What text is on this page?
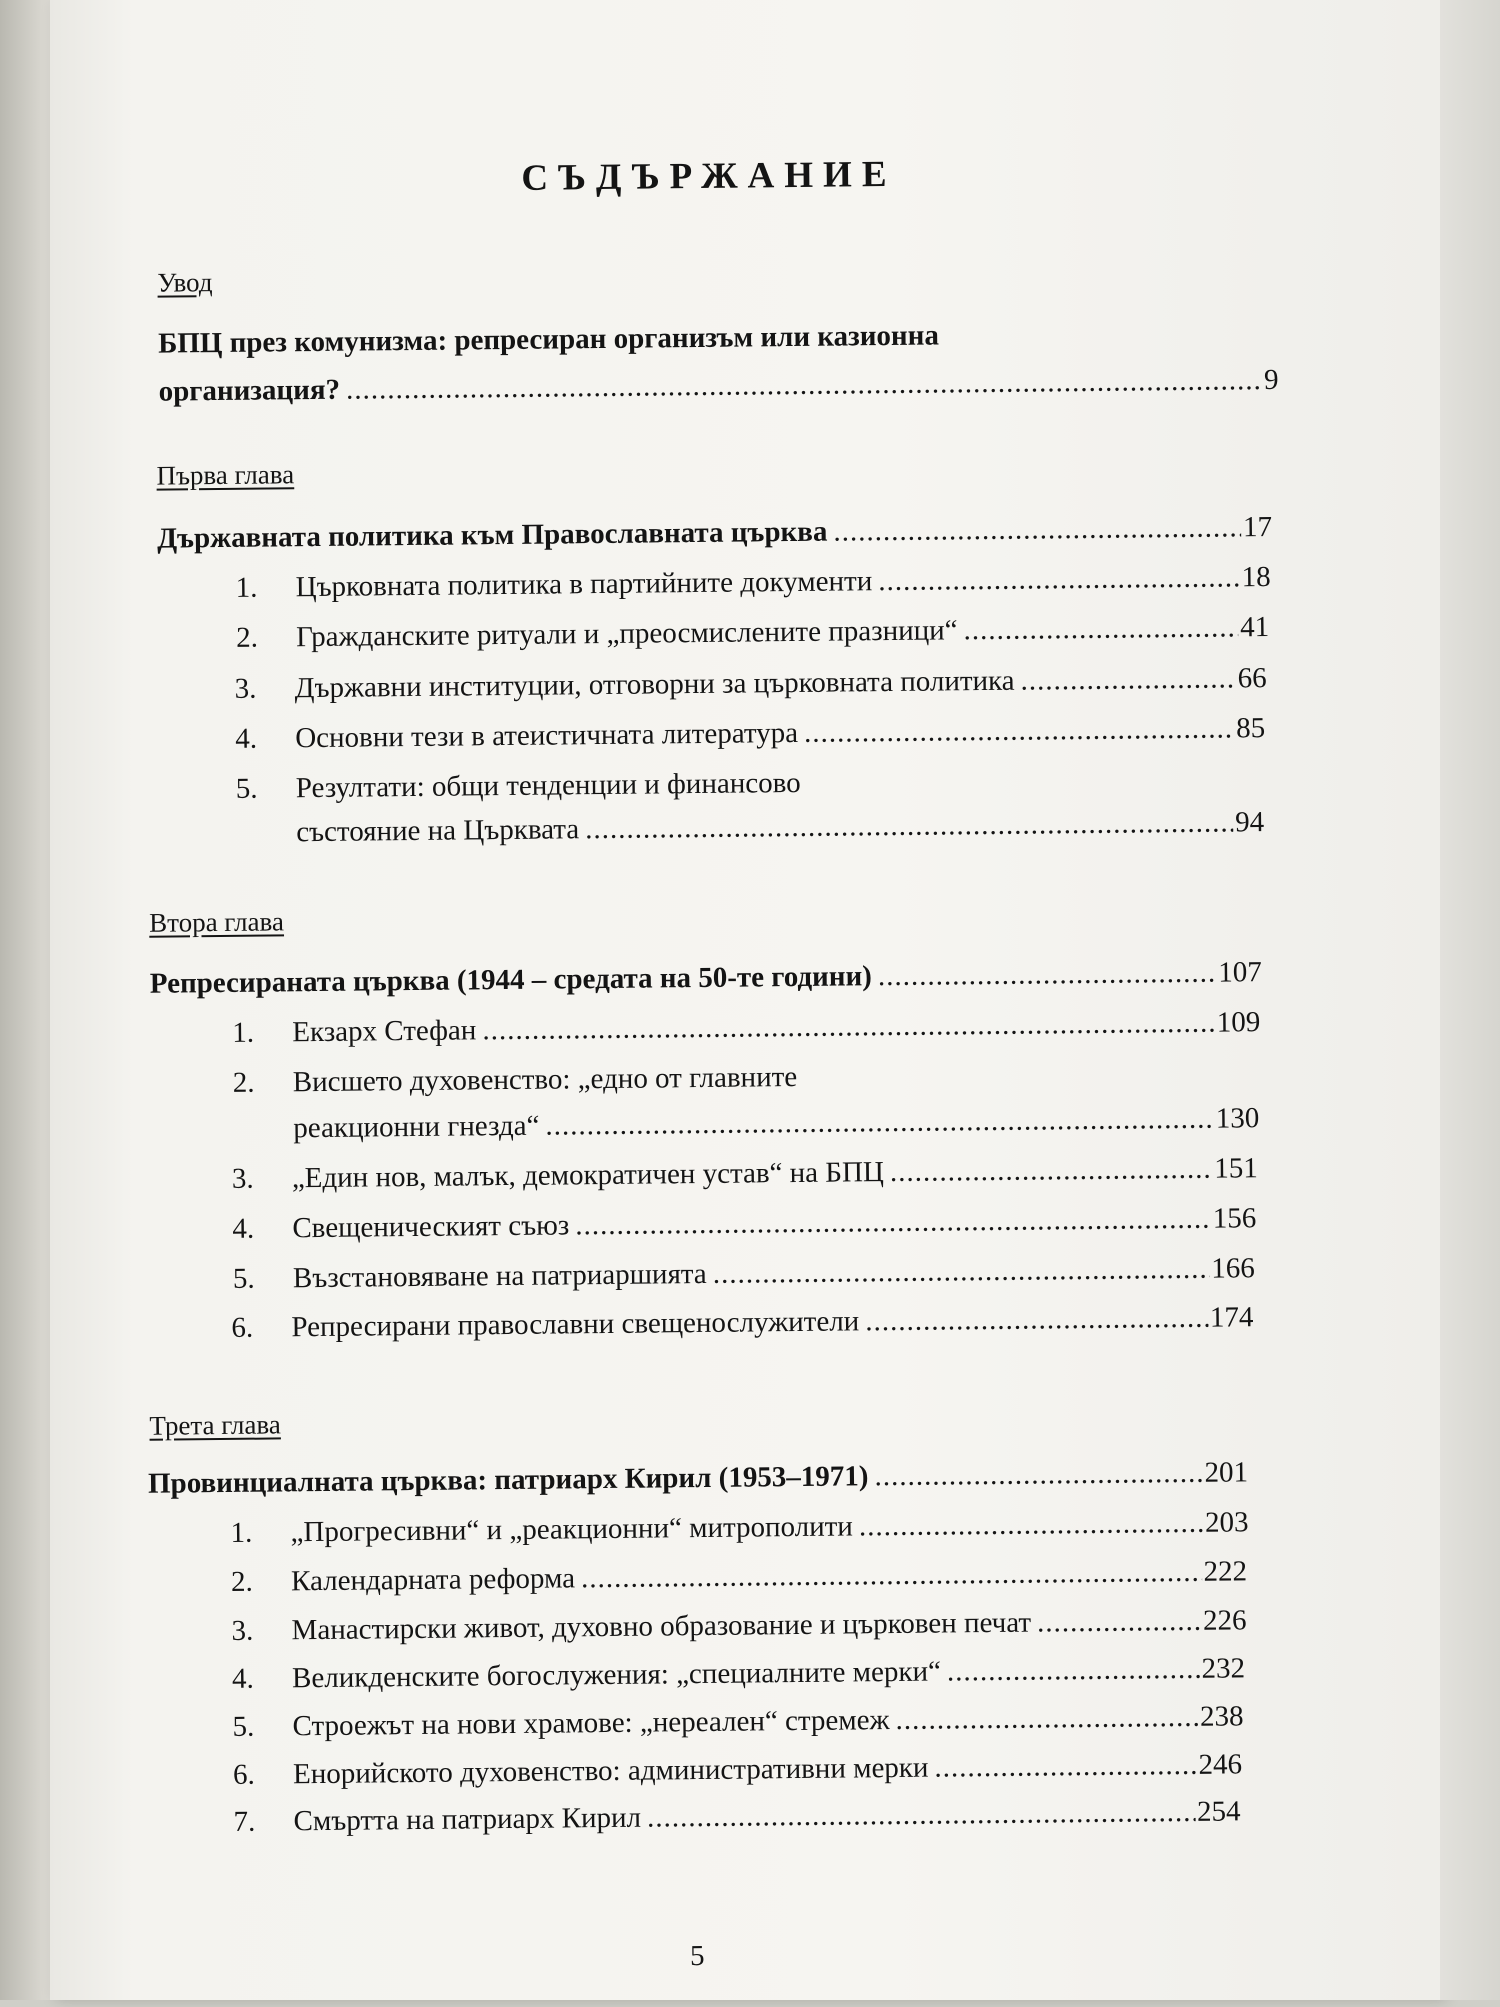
СЪДЪРЖАНИЕ
Увод
БПЦ през комунизма: репресиран организъм или казионна
организация? .....	9
Първа глава
Държавната политика към Православната църква .....	17
1.	Църковната политика в партийните документи .....	18
2.	Гражданските ритуали и „преосмислените празници“ .....	41
3.	Държавни институции, отговорни за църковната политика .....	66
4.	Основни тези в атеистичната литература .....	85
5. Резултати: общи тенденции и финансово
състояние на Църквата .....	94
Втора глава
Репресираната църква (1944 – средата на 50-те години) .....	107
1.	Екзарх Стефан .....	109
2. Висшето духовенство: „едно от главните
реакционни гнезда“ .....	130
3.	„Един нов, малък, демократичен устав“ на БПЦ .....	151
4.	Свещеническият съюз .....	156
5.	Възстановяване на патриаршията .....	166
6.	Репресирани православни свещенослужители .....	174
Трета глава
Провинциалната църква: патриарх Кирил (1953–1971) .....	201
1.	„Прогресивни“ и „реакционни“ митрополити .....	203
2.	Календарната реформа .....	222
3.	Манастирски живот, духовно образование и църковен печат .....	226
4.	Великденските богослужения: „специалните мерки“ .....	232
5.	Строежът на нови храмове: „нереален“ стремеж .....	238
6.	Енорийското духовенство: административни мерки .....	246
7.	Смъртта на патриарх Кирил .....	254
5
